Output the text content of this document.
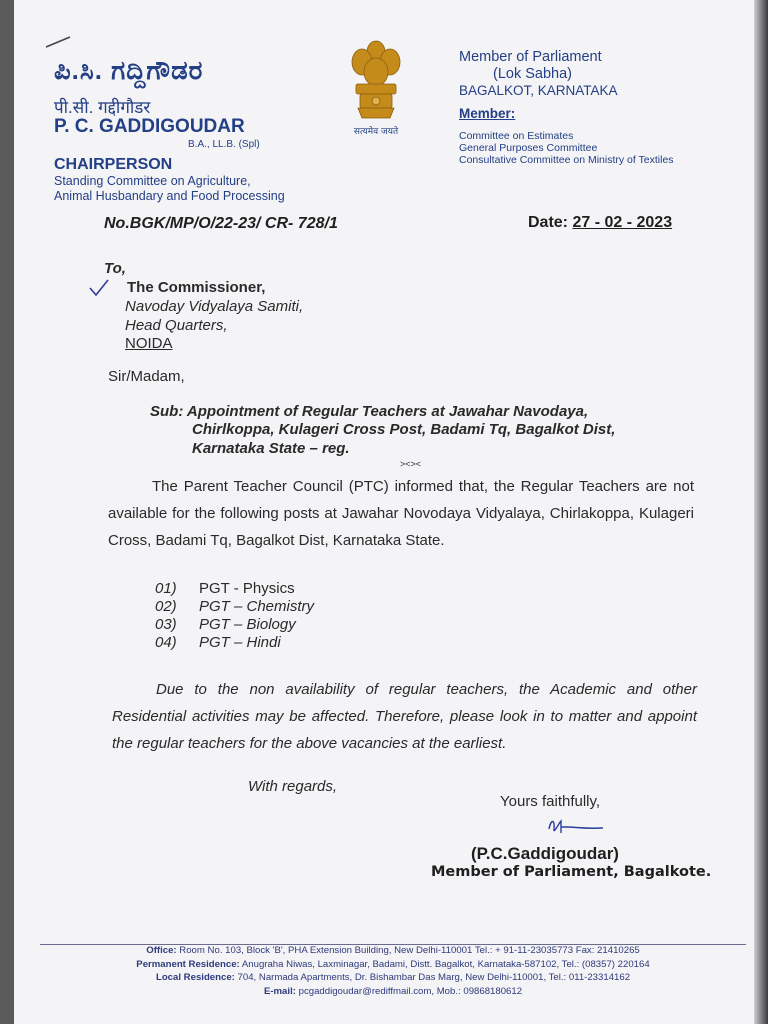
ಪಿ.ಸಿ. ಗದ್ದಿಗೌಡರ
पी.सी. गद्दीगौडर
P. C. GADDIGOUDAR
B.A., LL.B. (Spl)
CHAIRPERSON
Standing Committee on Agriculture,
Animal Husbandary and Food Processing
सत्यमेव जयते
Member of Parliament
(Lok Sabha)
BAGALKOT, KARNATAKA
Member:
Committee on Estimates
General Purposes Committee
Consultative Committee on Ministry of Textiles
No.BGK/MP/O/22-23/ CR- 728/1	Date: 27 - 02 - 2023
To,
The Commissioner,
Navoday Vidyalaya Samiti,
Head Quarters,
NOIDA
Sir/Madam,
Sub: Appointment of Regular Teachers at Jawahar Navodaya,
Chirlkoppa, Kulageri Cross Post, Badami Tq, Bagalkot Dist,
Karnataka State – reg.
><><
The Parent Teacher Council (PTC) informed that, the Regular Teachers are not available for the following posts at Jawahar Novodaya Vidyalaya, Chirlakoppa, Kulageri Cross, Badami Tq, Bagalkot Dist, Karnataka State.
01) PGT - Physics
02) PGT – Chemistry
03) PGT – Biology
04) PGT – Hindi
Due to the non availability of regular teachers, the Academic and other Residential activities may be affected. Therefore, please look in to matter and appoint the regular teachers for the above vacancies at the earliest.
With regards,
Yours faithfully,
(P.C.Gaddigoudar)
Member of Parliament, Bagalkote.
Office: Room No. 103, Block 'B', PHA Extension Building, New Delhi-110001 Tel.: + 91-11-23035773 Fax: 21410265
Permanent Residence: Anugraha Niwas, Laxminagar, Badami, Distt. Bagalkot, Karnataka-587102, Tel.: (08357) 220164
Local Residence: 704, Narmada Apartments, Dr. Bishambar Das Marg, New Delhi-110001, Tel.: 011-23314162
E-mail: pcgaddigoudar@rediffmail.com, Mob.: 09868180612
